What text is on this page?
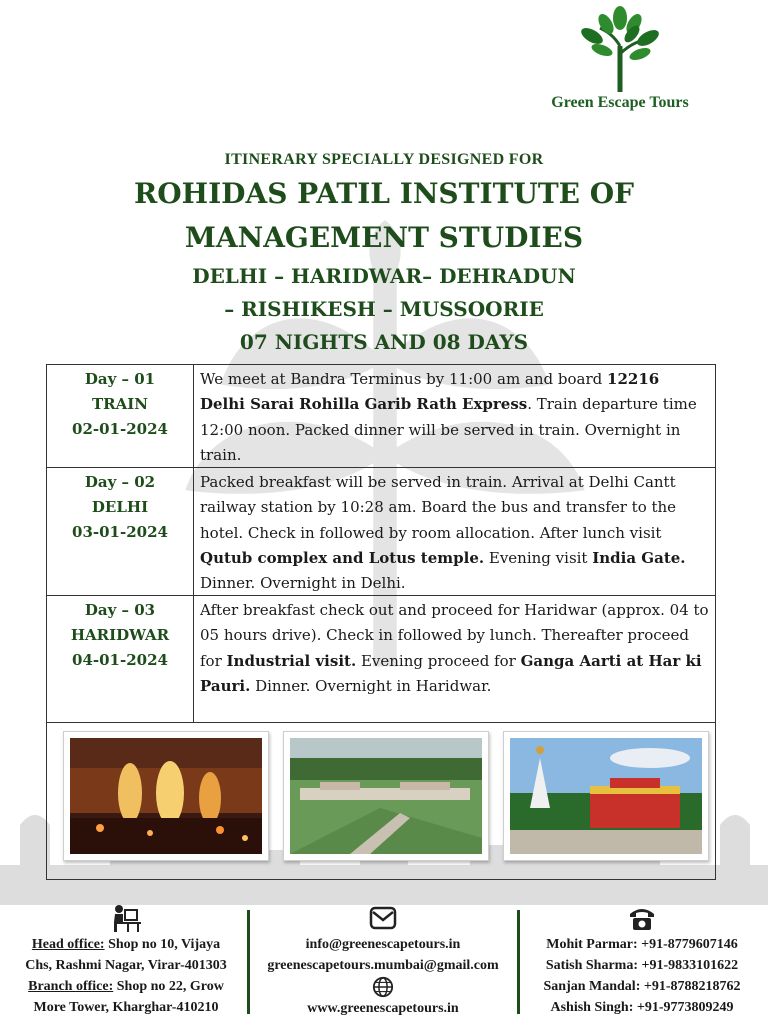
Green Escape Tours
ITINERARY SPECIALLY DESIGNED FOR
ROHIDAS PATIL INSTITUTE OF
MANAGEMENT STUDIES
DELHI – HARIDWAR– DEHRADUN
– RISHIKESH – MUSSOORIE
07 NIGHTS AND 08 DAYS
Day – 01
TRAIN
02-01-2024
We meet at Bandra Terminus by 11:00 am and board 12216 Delhi Sarai Rohilla Garib Rath Express. Train departure time 12:00 noon. Packed dinner will be served in train. Overnight in train.
Day – 02
DELHI
03-01-2024
Packed breakfast will be served in train. Arrival at Delhi Cantt railway station by 10:28 am. Board the bus and transfer to the hotel. Check in followed by room allocation. After lunch visit Qutub complex and Lotus temple. Evening visit India Gate. Dinner. Overnight in Delhi.
Day – 03
HARIDWAR
04-01-2024
After breakfast check out and proceed for Haridwar (approx. 04 to 05 hours drive). Check in followed by lunch. Thereafter proceed for Industrial visit. Evening proceed for Ganga Aarti at Har ki Pauri. Dinner. Overnight in Haridwar.
Head office: Shop no 10, Vijaya
Chs, Rashmi Nagar, Virar-401303
Branch office: Shop no 22, Grow
More Tower, Kharghar-410210
info@greenescapetours.in
greenescapetours.mumbai@gmail.com
www.greenescapetours.in
Mohit Parmar: +91-8779607146
Satish Sharma: +91-9833101622
Sanjan Mandal: +91-8788218762
Ashish Singh: +91-9773809249
